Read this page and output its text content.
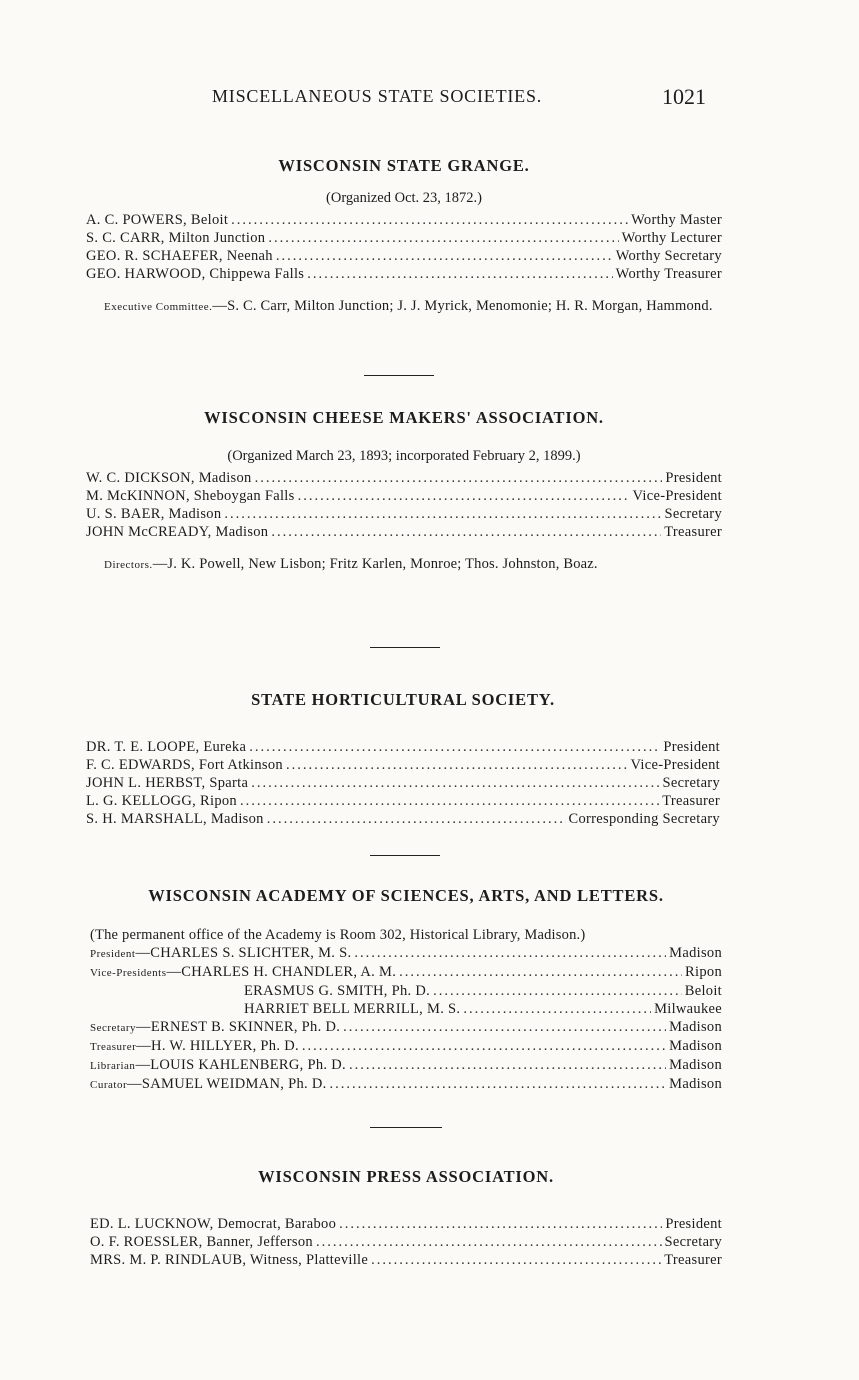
MISCELLANEOUS STATE SOCIETIES.	1021
WISCONSIN STATE GRANGE.
(Organized Oct. 23, 1872.)
A. C. POWERS, Beloit .....	Worthy Master
S. C. CARR, Milton Junction .....	Worthy Lecturer
GEO. R. SCHAEFER, Neenah .....	Worthy Secretary
GEO. HARWOOD, Chippewa Falls .....	Worthy Treasurer
Executive Committee.—S. C. Carr, Milton Junction; J. J. Myrick, Menomonie; H. R. Morgan, Hammond.
WISCONSIN CHEESE MAKERS' ASSOCIATION.
(Organized March 23, 1893; incorporated February 2, 1899.)
W. C. DICKSON, Madison .....	President
M. McKINNON, Sheboygan Falls .....	Vice-President
U. S. BAER, Madison .....	Secretary
JOHN McCREADY, Madison .....	Treasurer
Directors.—J. K. Powell, New Lisbon; Fritz Karlen, Monroe; Thos. Johnston, Boaz.
STATE HORTICULTURAL SOCIETY.
DR. T. E. LOOPE, Eureka .....	President
F. C. EDWARDS, Fort Atkinson .....	Vice-President
JOHN L. HERBST, Sparta .....	Secretary
L. G. KELLOGG, Ripon .....	Treasurer
S. H. MARSHALL, Madison .....	Corresponding Secretary
WISCONSIN ACADEMY OF SCIENCES, ARTS, AND LETTERS.
(The permanent office of the Academy is Room 302, Historical Library, Madison.)
President—CHARLES S. SLICHTER, M. S. .....	Madison
Vice-Presidents—CHARLES H. CHANDLER, A. M. .....	Ripon
ERASMUS G. SMITH, Ph. D. .....	Beloit
HARRIET BELL MERRILL, M. S. .....	Milwaukee
Secretary—ERNEST B. SKINNER, Ph. D. .....	Madison
Treasurer—H. W. HILLYER, Ph. D. .....	Madison
Librarian—LOUIS KAHLENBERG, Ph. D. .....	Madison
Curator—SAMUEL WEIDMAN, Ph. D. .....	Madison
WISCONSIN PRESS ASSOCIATION.
ED. L. LUCKNOW, Democrat, Baraboo .....	President
O. F. ROESSLER, Banner, Jefferson .....	Secretary
MRS. M. P. RINDLAUB, Witness, Platteville .....	Treasurer
